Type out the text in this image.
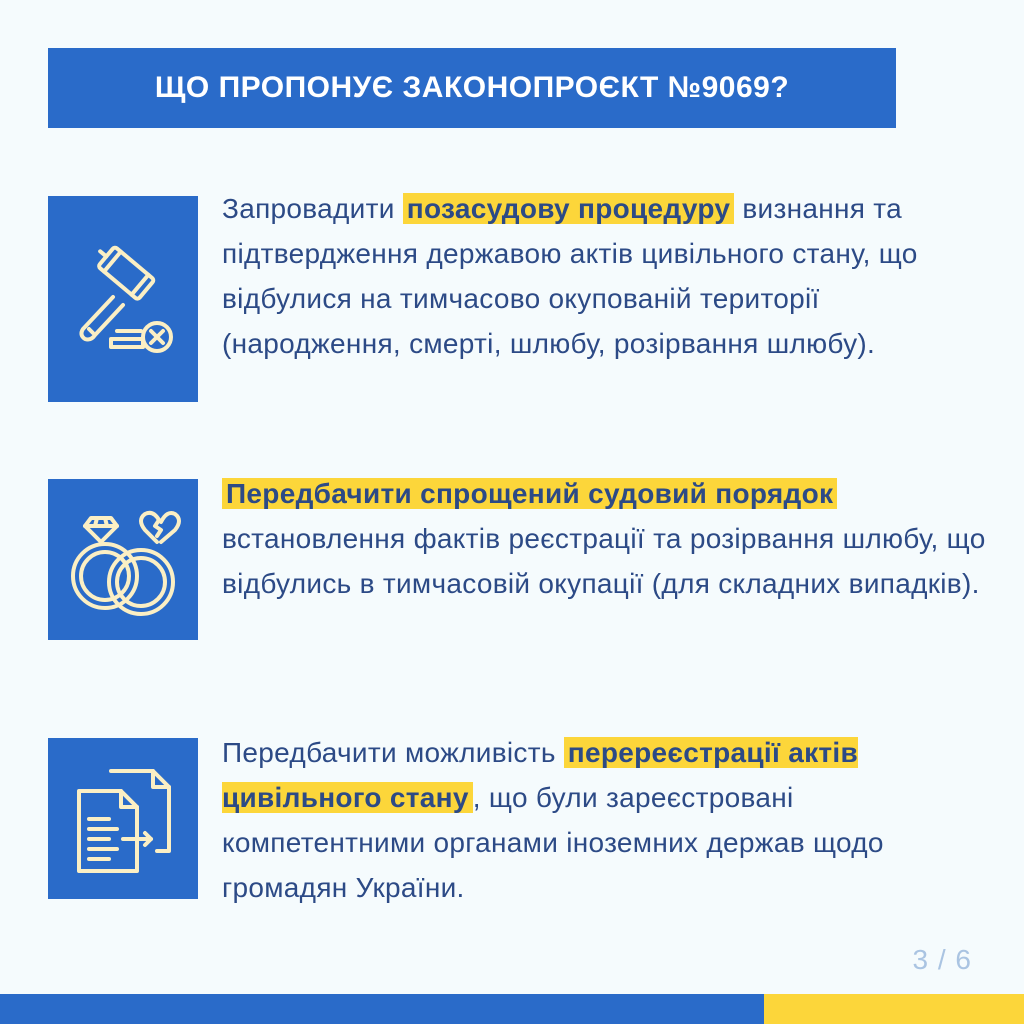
ЩО ПРОПОНУЄ ЗАКОНОПРОЄКТ №9069?
Запровадити позасудову процедуру визнання та підтвердження державою актів цивільного стану, що відбулися на тимчасово окупованій території (народження, смерті, шлюбу, розірвання шлюбу).
Передбачити спрощений судовий порядок встановлення фактів реєстрації та розірвання шлюбу, що відбулись в тимчасовій окупації (для складних випадків).
Передбачити можливість перереєстрації актів цивільного стану , що були зареєстровані компетентними органами іноземних держав щодо громадян України.
3 / 6
